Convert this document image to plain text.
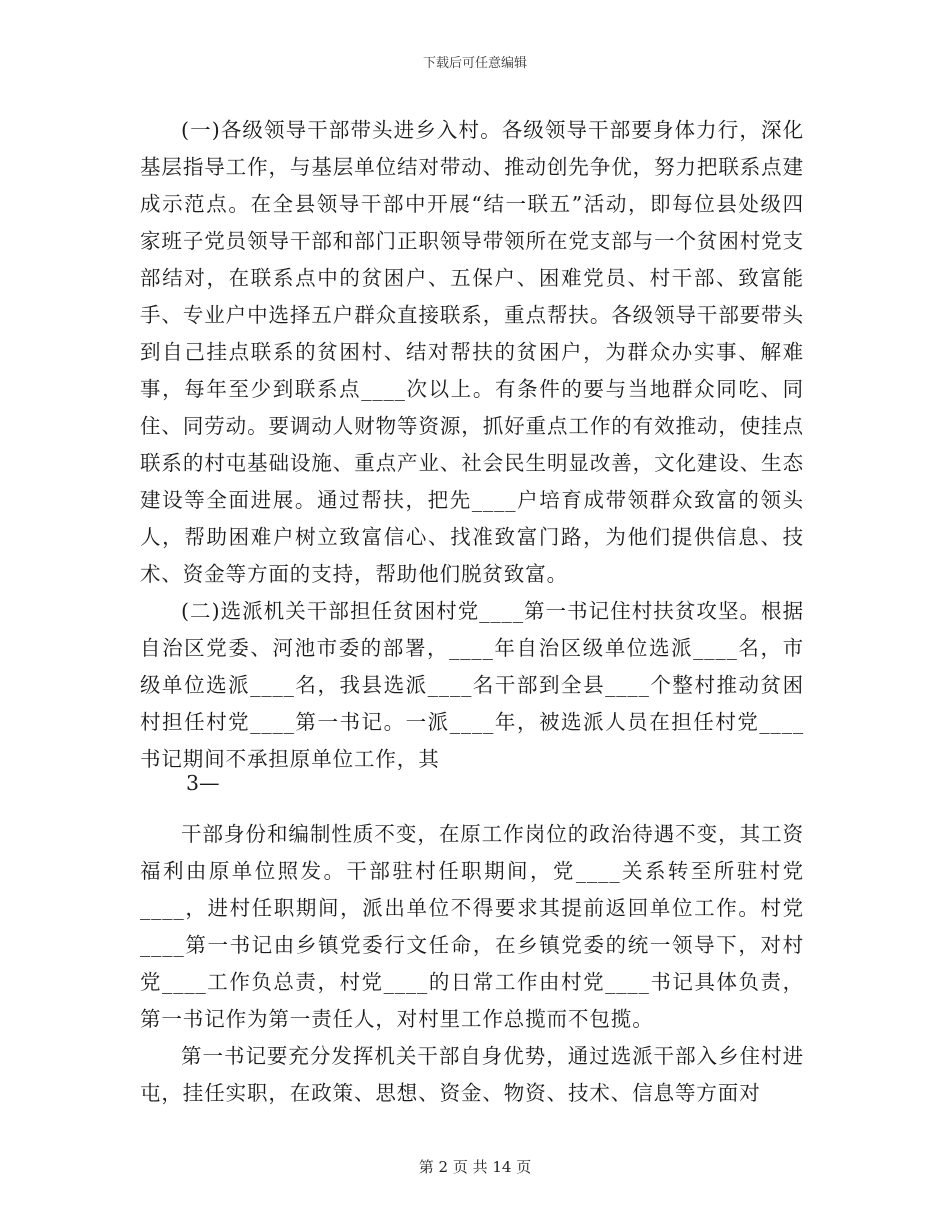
下载后可任意编辑

(一)各级领导干部带头进乡入村。各级领导干部要身体力行，深化基层指导工作，与基层单位结对带动、推动创先争优，努力把联系点建成示范点。在全县领导干部中开展“结一联五”活动，即每位县处级四家班子党员领导干部和部门正职领导带领所在党支部与一个贫困村党支部结对，在联系点中的贫困户、五保户、困难党员、村干部、致富能手、专业户中选择五户群众直接联系，重点帮扶。各级领导干部要带头到自己挂点联系的贫困村、结对帮扶的贫困户，为群众办实事、解难事，每年至少到联系点____次以上。有条件的要与当地群众同吃、同住、同劳动。要调动人财物等资源，抓好重点工作的有效推动，使挂点联系的村屯基础设施、重点产业、社会民生明显改善，文化建设、生态建设等全面进展。通过帮扶，把先____户培育成带领群众致富的领头人，帮助困难户树立致富信心、找准致富门路，为他们提供信息、技术、资金等方面的支持，帮助他们脱贫致富。

(二)选派机关干部担任贫困村党____第一书记住村扶贫攻坚。根据自治区党委、河池市委的部署，____年自治区级单位选派____名，市级单位选派____名，我县选派____名干部到全县____个整村推动贫困村担任村党____第一书记。一派____年，被选派人员在担任村党____书记期间不承担原单位工作，其

3—

干部身份和编制性质不变，在原工作岗位的政治待遇不变，其工资福利由原单位照发。干部驻村任职期间，党____关系转至所驻村党____，进村任职期间，派出单位不得要求其提前返回单位工作。村党____第一书记由乡镇党委行文任命，在乡镇党委的统一领导下，对村党____工作负总责，村党____的日常工作由村党____书记具体负责，第一书记作为第一责任人，对村里工作总揽而不包揽。

第一书记要充分发挥机关干部自身优势，通过选派干部入乡住村进屯，挂任实职，在政策、思想、资金、物资、技术、信息等方面对

第 2 页 共 14 页
